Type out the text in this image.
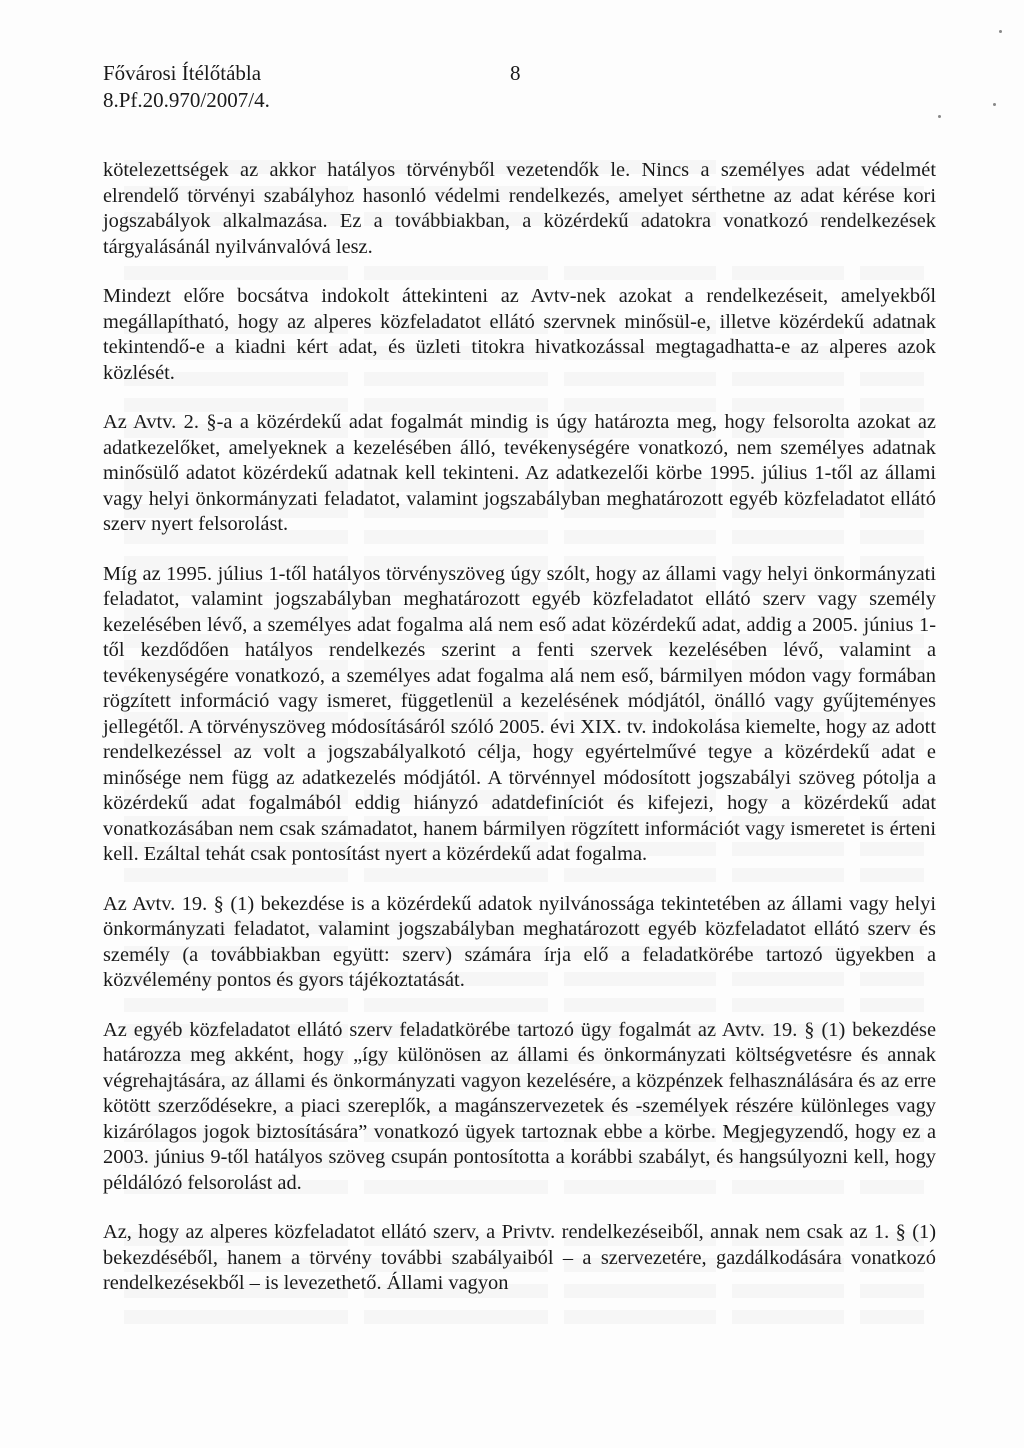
Fővárosi Ítélőtábla
8.Pf.20.970/2007/4.
8

kötelezettségek az akkor hatályos törvényből vezetendők le. Nincs a személyes adat védelmét elrendelő törvényi szabályhoz hasonló védelmi rendelkezés, amelyet sérthetne az adat kérése kori jogszabályok alkalmazása. Ez a továbbiakban, a közérdekű adatokra vonatkozó rendelkezések tárgyalásánál nyilvánvalóvá lesz.

Mindezt előre bocsátva indokolt áttekinteni az Avtv-nek azokat a rendelkezéseit, amelyekből megállapítható, hogy az alperes közfeladatot ellátó szervnek minősül-e, illetve közérdekű adatnak tekintendő-e a kiadni kért adat, és üzleti titokra hivatkozással megtagadhatta-e az alperes azok közlését.

Az Avtv. 2. §-a a közérdekű adat fogalmát mindig is úgy határozta meg, hogy felsorolta azokat az adatkezelőket, amelyeknek a kezelésében álló, tevékenységére vonatkozó, nem személyes adatnak minősülő adatot közérdekű adatnak kell tekinteni. Az adatkezelői körbe 1995. július 1-től az állami vagy helyi önkormányzati feladatot, valamint jogszabályban meghatározott egyéb közfeladatot ellátó szerv nyert felsorolást.

Míg az 1995. július 1-től hatályos törvényszöveg úgy szólt, hogy az állami vagy helyi önkormányzati feladatot, valamint jogszabályban meghatározott egyéb közfeladatot ellátó szerv vagy személy kezelésében lévő, a személyes adat fogalma alá nem eső adat közérdekű adat, addig a 2005. június 1-től kezdődően hatályos rendelkezés szerint a fenti szervek kezelésében lévő, valamint a tevékenységére vonatkozó, a személyes adat fogalma alá nem eső, bármilyen módon vagy formában rögzített információ vagy ismeret, függetlenül a kezelésének módjától, önálló vagy gyűjteményes jellegétől. A törvényszöveg módosításáról szóló 2005. évi XIX. tv. indokolása kiemelte, hogy az adott rendelkezéssel az volt a jogszabályalkotó célja, hogy egyértelművé tegye a közérdekű adat e minősége nem függ az adatkezelés módjától. A törvénnyel módosított jogszabályi szöveg pótolja a közérdekű adat fogalmából eddig hiányzó adatdefiníciót és kifejezi, hogy a közérdekű adat vonatkozásában nem csak számadatot, hanem bármilyen rögzített információt vagy ismeretet is érteni kell. Ezáltal tehát csak pontosítást nyert a közérdekű adat fogalma.

Az Avtv. 19. § (1) bekezdése is a közérdekű adatok nyilvánossága tekintetében az állami vagy helyi önkormányzati feladatot, valamint jogszabályban meghatározott egyéb közfeladatot ellátó szerv és személy (a továbbiakban együtt: szerv) számára írja elő a feladatkörébe tartozó ügyekben a közvélemény pontos és gyors tájékoztatását.

Az egyéb közfeladatot ellátó szerv feladatkörébe tartozó ügy fogalmát az Avtv. 19. § (1) bekezdése határozza meg akként, hogy „így különösen az állami és önkormányzati költségvetésre és annak végrehajtására, az állami és önkormányzati vagyon kezelésére, a közpénzek felhasználására és az erre kötött szerződésekre, a piaci szereplők, a magánszervezetek és -személyek részére különleges vagy kizárólagos jogok biztosítására” vonatkozó ügyek tartoznak ebbe a körbe. Megjegyzendő, hogy ez a 2003. június 9-től hatályos szöveg csupán pontosította a korábbi szabályt, és hangsúlyozni kell, hogy példálózó felsorolást ad.

Az, hogy az alperes közfeladatot ellátó szerv, a Privtv. rendelkezéseiből, annak nem csak az 1. § (1) bekezdéséből, hanem a törvény további szabályaiból – a szervezetére, gazdálkodására vonatkozó rendelkezésekből – is levezethető. Állami vagyon
